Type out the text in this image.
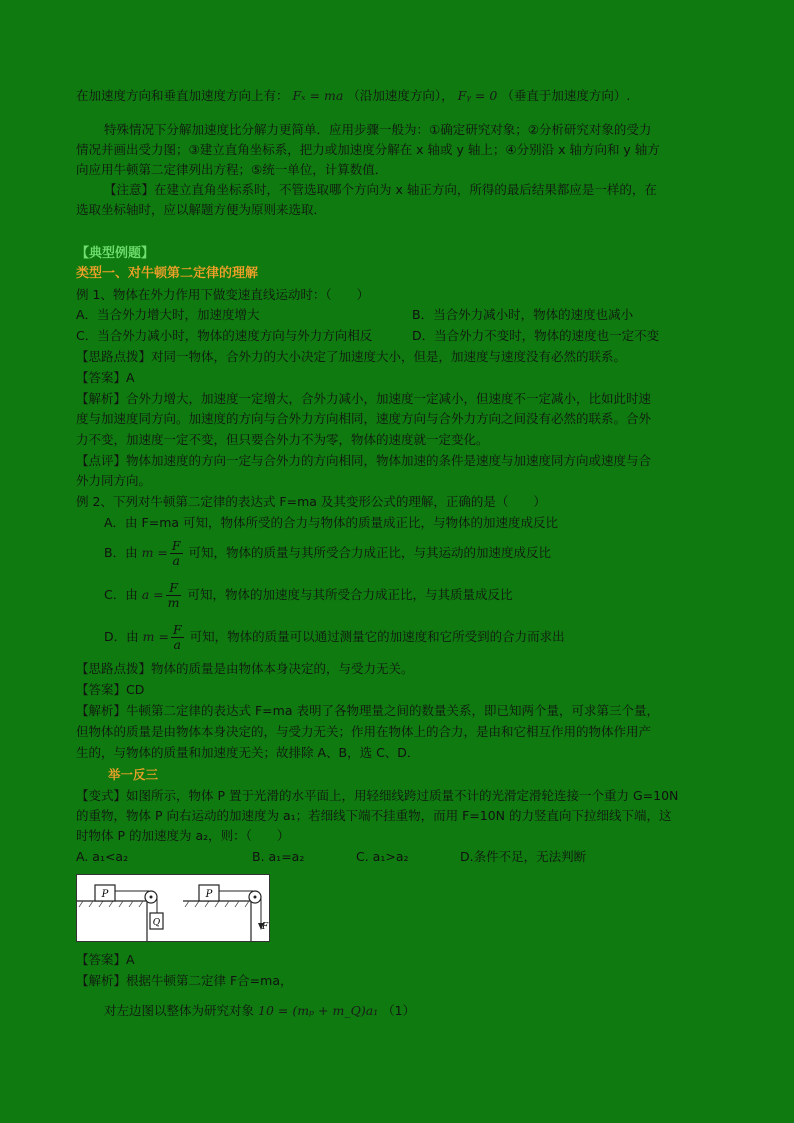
在加速度方向和垂直加速度方向上有： Fₓ = ma （沿加速度方向）， Fᵧ = 0 （垂直于加速度方向）.
特殊情况下分解加速度比分解力更简单．应用步骤一般为：①确定研究对象；②分析研究对象的受力
情况并画出受力图；③建立直角坐标系，把力或加速度分解在 x 轴或 y 轴上；④分别沿 x 轴方向和 y 轴方
向应用牛顿第二定律列出方程；⑤统一单位，计算数值．
【注意】在建立直角坐标系时，不管选取哪个方向为 x 轴正方向，所得的最后结果都应是一样的，在
选取坐标轴时，应以解题方便为原则来选取．
【典型例题】
类型一、对牛顿第二定律的理解
例 1、物体在外力作用下做变速直线运动时：（　　）
A．当合外力增大时，加速度增大	B．当合外力减小时，物体的速度也减小
C．当合外力减小时，物体的速度方向与外力方向相反	D．当合外力不变时，物体的速度也一定不变
【思路点拨】对同一物体，合外力的大小决定了加速度大小，但是，加速度与速度没有必然的联系。
【答案】A
【解析】合外力增大，加速度一定增大，合外力减小，加速度一定减小，但速度不一定减小，比如此时速
度与加速度同方向。加速度的方向与合外力方向相同，速度方向与合外力方向之间没有必然的联系。合外
力不变，加速度一定不变，但只要合外力不为零，物体的速度就一定变化。
【点评】物体加速度的方向一定与合外力的方向相同，物体加速的条件是速度与加速度同方向或速度与合
外力同方向。
例 2、下列对牛顿第二定律的表达式 F=ma 及其变形公式的理解，正确的是（　　）
A．由 F=ma 可知，物体所受的合力与物体的质量成正比，与物体的加速度成反比
B．由 $m = \frac{F}{a}$ 可知，物体的质量与其所受合力成正比，与其运动的加速度成反比
C．由 $a = \frac{F}{m}$ 可知，物体的加速度与其所受合力成正比，与其质量成反比
D．由 $m = \frac{F}{a}$ 可知，物体的质量可以通过测量它的加速度和它所受到的合力而求出
【思路点拨】物体的质量是由物体本身决定的，与受力无关。
【答案】CD
【解析】牛顿第二定律的表达式 F=ma 表明了各物理量之间的数量关系，即已知两个量，可求第三个量，
但物体的质量是由物体本身决定的，与受力无关；作用在物体上的合力，是由和它相互作用的物体作用产
生的，与物体的质量和加速度无关；故排除 A、B，选 C、D．
举一反三
【变式】如图所示，物体 P 置于光滑的水平面上，用轻细线跨过质量不计的光滑定滑轮连接一个重力 G=10N
的重物，物体 P 向右运动的加速度为 a₁；若细线下端不挂重物，而用 F=10N 的力竖直向下拉细线下端，这
时物体 P 的加速度为 a₂，则：（　　）
A. a₁<a₂	B. a₁=a₂	C. a₁>a₂	D.条件不足，无法判断
P
Q
P
F
【答案】A
【解析】根据牛顿第二定律 F合=ma，
对左边图以整体为研究对象 10 = (mₚ + m_Q)a₁ （1）
